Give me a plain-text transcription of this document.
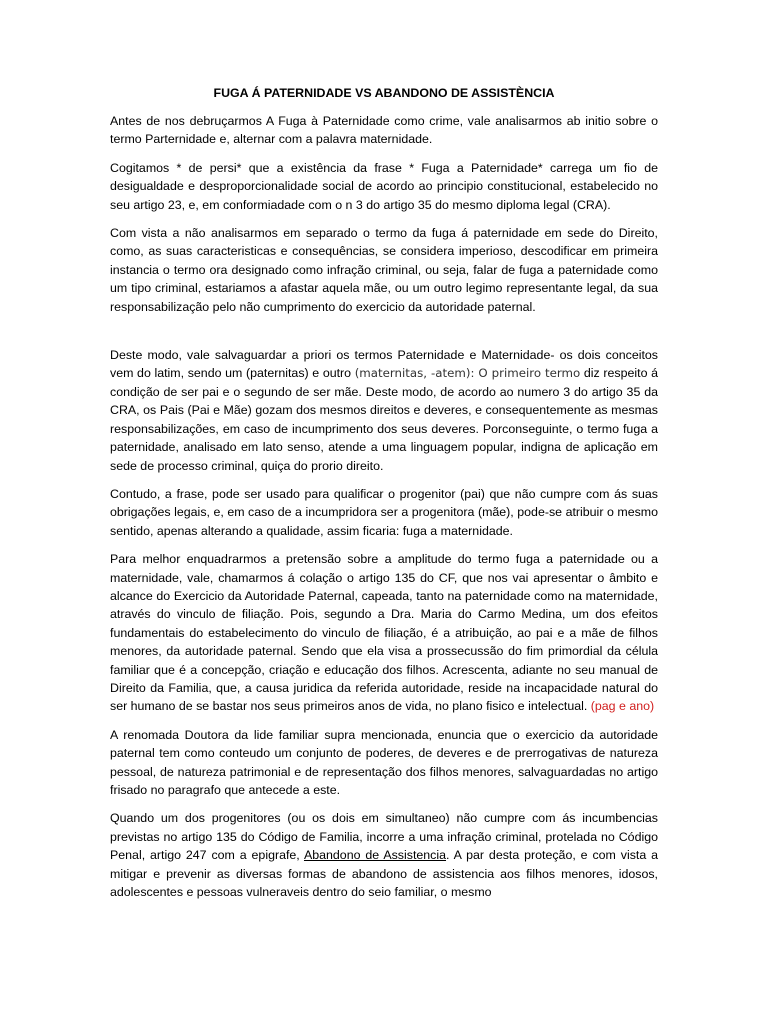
FUGA Á PATERNIDADE VS ABANDONO DE ASSISTÈNCIA

Antes de nos debruçarmos A Fuga à Paternidade como crime, vale analisarmos ab initio sobre o termo Parternidade e, alternar com a palavra maternidade.

Cogitamos * de persi* que a existência da frase * Fuga a Paternidade* carrega um fio de desigualdade e desproporcionalidade social de acordo ao principio constitucional, estabelecido no seu artigo 23, e, em conformiadade com o n 3 do artigo 35 do mesmo diploma legal (CRA).

Com vista a não analisarmos em separado o termo da fuga á paternidade em sede do Direito, como, as suas caracteristicas e consequências, se considera imperioso, descodificar em primeira instancia o termo ora designado como infração criminal, ou seja, falar de fuga a paternidade como um tipo criminal, estariamos a afastar aquela mãe, ou um outro legimo representante legal, da sua responsabilização pelo não cumprimento do exercicio da autoridade paternal.

Deste modo, vale salvaguardar a priori os termos Paternidade e Maternidade- os dois conceitos vem do latim, sendo um (paternitas) e outro (maternitas, -atem): O primeiro termo diz respeito á condição de ser pai e o segundo de ser mãe. Deste modo, de acordo ao numero 3 do artigo 35 da CRA, os Pais (Pai e Mãe) gozam dos mesmos direitos e deveres, e consequentemente as mesmas responsabilizações, em caso de incumprimento dos seus deveres. Porconseguinte, o termo fuga a paternidade, analisado em lato senso, atende a uma linguagem popular, indigna de aplicação em sede de processo criminal, quiça do prorio direito.

Contudo, a frase, pode ser usado para qualificar o progenitor (pai) que não cumpre com ás suas obrigações legais, e, em caso de a incumpridora ser a progenitora (mãe), pode-se atribuir o mesmo sentido, apenas alterando a qualidade, assim ficaria: fuga a maternidade.

Para melhor enquadrarmos a pretensão sobre a amplitude do termo fuga a paternidade ou a maternidade, vale, chamarmos á colação o artigo 135 do CF, que nos vai apresentar o âmbito e alcance do Exercicio da Autoridade Paternal, capeada, tanto na paternidade como na maternidade, através do vinculo de filiação. Pois, segundo a Dra. Maria do Carmo Medina, um dos efeitos fundamentais do estabelecimento do vinculo de filiação, é a atribuição, ao pai e a mãe de filhos menores, da autoridade paternal. Sendo que ela visa a prossecussão do fim primordial da célula familiar que é a concepção, criação e educação dos filhos. Acrescenta, adiante no seu manual de Direito da Familia, que, a causa juridica da referida autoridade, reside na incapacidade natural do ser humano de se bastar nos seus primeiros anos de vida, no plano fisico e intelectual. (pag e ano)

A renomada Doutora da lide familiar supra mencionada, enuncia que o exercicio da autoridade paternal tem como conteudo um conjunto de poderes, de deveres e de prerrogativas de natureza pessoal, de natureza patrimonial e de representação dos filhos menores, salvaguardadas no artigo frisado no paragrafo que antecede a este.

Quando um dos progenitores (ou os dois em simultaneo) não cumpre com ás incumbencias previstas no artigo 135 do Código de Familia, incorre a uma infração criminal, protelada no Código Penal, artigo 247 com a epigrafe, Abandono de Assistencia. A par desta proteção, e com vista a mitigar e prevenir as diversas formas de abandono de assistencia aos filhos menores, idosos, adolescentes e pessoas vulneraveis dentro do seio familiar, o mesmo
